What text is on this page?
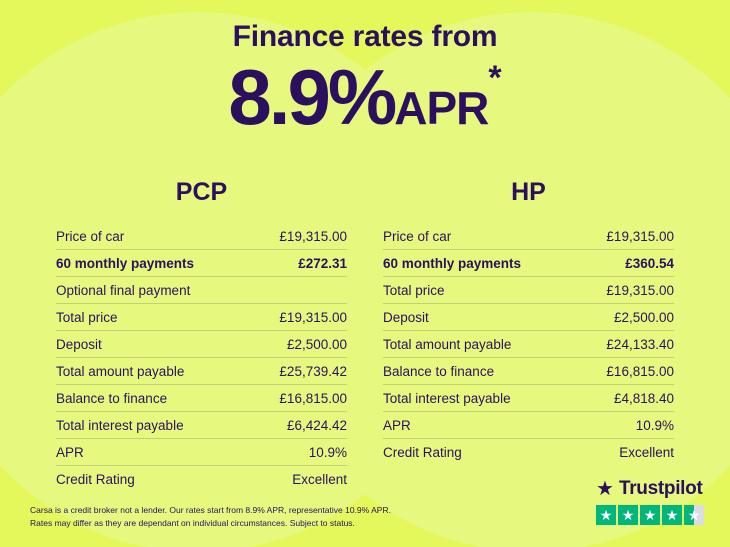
Finance rates from
8.9%APR*
PCP
Price of car	£19,315.00
60 monthly payments	£272.31
Optional final payment
Total price	£19,315.00
Deposit	£2,500.00
Total amount payable	£25,739.42
Balance to finance	£16,815.00
Total interest payable	£6,424.42
APR	10.9%
Credit Rating	Excellent
HP
Price of car	£19,315.00
60 monthly payments	£360.54
Total price	£19,315.00
Deposit	£2,500.00
Total amount payable	£24,133.40
Balance to finance	£16,815.00
Total interest payable	£4,818.40
APR	10.9%
Credit Rating	Excellent
Carsa is a credit broker not a lender. Our rates start from 8.9% APR, representative 10.9% APR.
Rates may differ as they are dependant on individual circumstances. Subject to status.
★ Trustpilot
★ ★ ★ ★ ★
